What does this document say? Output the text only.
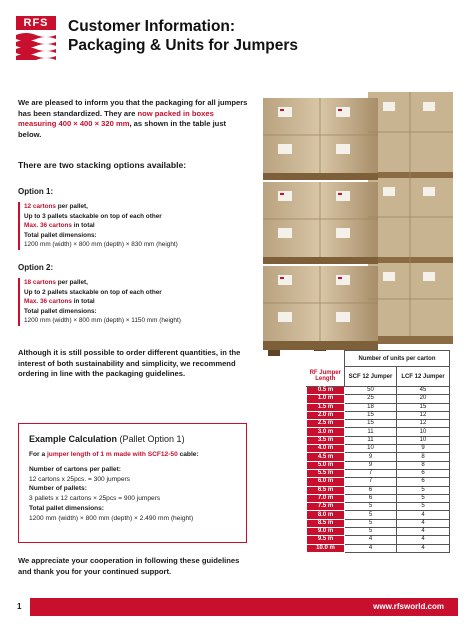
RFS	Customer Information:
Packaging & Units for Jumpers
We are pleased to inform you that the packaging for all jumpers has been standardized. They are now packed in boxes measuring 400 × 400 × 320 mm, as shown in the table just below.
There are two stacking options available:
Option 1:
12 cartons per pallet,
Up to 3 pallets stackable on top of each other
Max. 36 cartons in total
Total pallet dimensions:
1200 mm (width) × 800 mm (depth) × 830 mm (height)
Option 2:
18 cartons per pallet,
Up to 2 pallets stackable on top of each other
Max. 36 cartons in total
Total pallet dimensions:
1200 mm (width) × 800 mm (depth) × 1150 mm (height)
Although it is still possible to order different quantities, in the interest of both sustainability and simplicity, we recommend ordering in line with the packaging guidelines.
	Number of units per carton	
RF Jumper Length	SCF 12 Jumper	LCF 12 Jumper
0.5 m	50	45
1.0 m	25	20
1.5 m	18	15
2.0 m	15	12
2.5 m	15	12
3.0 m	11	10
3.5 m	11	10
4.0 m	10	9
4.5 m	9	8
5.0 m	9	8
5.5 m	7	6
6.0 m	7	6
6.5 m	6	5
7.0 m	6	5
7.5 m	5	5
8.0 m	5	4
8.5 m	5	4
9.0 m	5	4
9.5 m	4	4
10.0 m	4	4
Example Calculation (Pallet Option 1)
For a jumper length of 1 m made with SCF12-50 cable:
Number of cartons per pallet:
12 cartons x 25pcs. = 300 jumpers
Number of pallets:
3 pallets x 12 cartons × 25pcs = 900 jumpers
Total pallet dimensions:
1200 mm (width) × 800 mm (depth) × 2.490 mm (height)
We appreciate your cooperation in following these guidelines and thank you for your continued support.
1	www.rfsworld.com
